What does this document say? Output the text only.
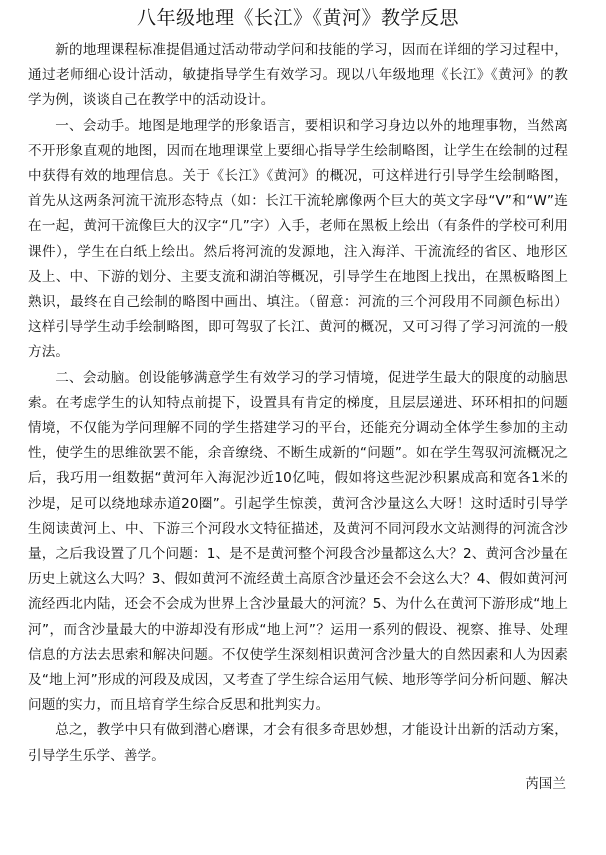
八年级地理《长江》《黄河》教学反思

新的地理课程标准提倡通过活动带动学问和技能的学习，因而在详细的学习过程中，通过老师细心设计活动，敏捷指导学生有效学习。现以八年级地理《长江》《黄河》的教学为例，谈谈自己在教学中的活动设计。

一、会动手。地图是地理学的形象语言，要相识和学习身边以外的地理事物，当然离不开形象直观的地图，因而在地理课堂上要细心指导学生绘制略图，让学生在绘制的过程中获得有效的地理信息。关于《长江》《黄河》的概况，可这样进行引导学生绘制略图，首先从这两条河流干流形态特点（如：长江干流轮廓像两个巨大的英文字母“V”和“W”连在一起，黄河干流像巨大的汉字“几”字）入手，老师在黑板上绘出（有条件的学校可利用课件），学生在白纸上绘出。然后将河流的发源地，注入海洋、干流流经的省区、地形区及上、中、下游的划分、主要支流和湖泊等概况，引导学生在地图上找出，在黑板略图上熟识，最终在自己绘制的略图中画出、填注。（留意：河流的三个河段用不同颜色标出）这样引导学生动手绘制略图，即可驾驭了长江、黄河的概况，又可习得了学习河流的一般方法。

二、会动脑。创设能够满意学生有效学习的学习情境，促进学生最大的限度的动脑思索。在考虑学生的认知特点前提下，设置具有肯定的梯度，且层层递进、环环相扣的问题情境，不仅能为学问理解不同的学生搭建学习的平台，还能充分调动全体学生参加的主动性，使学生的思维欲罢不能，余音缭绕、不断生成新的“问题”。如在学生驾驭河流概况之后，我巧用一组数据“黄河年入海泥沙近10亿吨，假如将这些泥沙积累成高和宽各1米的沙堤，足可以绕地球赤道20圈”。引起学生惊羡，黄河含沙量这么大呀！这时适时引导学生阅读黄河上、中、下游三个河段水文特征描述，及黄河不同河段水文站测得的河流含沙量，之后我设置了几个问题：1、是不是黄河整个河段含沙量都这么大？2、黄河含沙量在历史上就这么大吗？3、假如黄河不流经黄土高原含沙量还会不会这么大？4、假如黄河河流经西北内陆，还会不会成为世界上含沙量最大的河流？5、为什么在黄河下游形成“地上河”，而含沙量最大的中游却没有形成“地上河”？运用一系列的假设、视察、推导、处理信息的方法去思索和解决问题。不仅使学生深刻相识黄河含沙量大的自然因素和人为因素及“地上河”形成的河段及成因，又考查了学生综合运用气候、地形等学问分析问题、解决问题的实力，而且培育学生综合反思和批判实力。

总之，教学中只有做到潜心磨课，才会有很多奇思妙想，才能设计出新的活动方案，引导学生乐学、善学。

芮国兰
